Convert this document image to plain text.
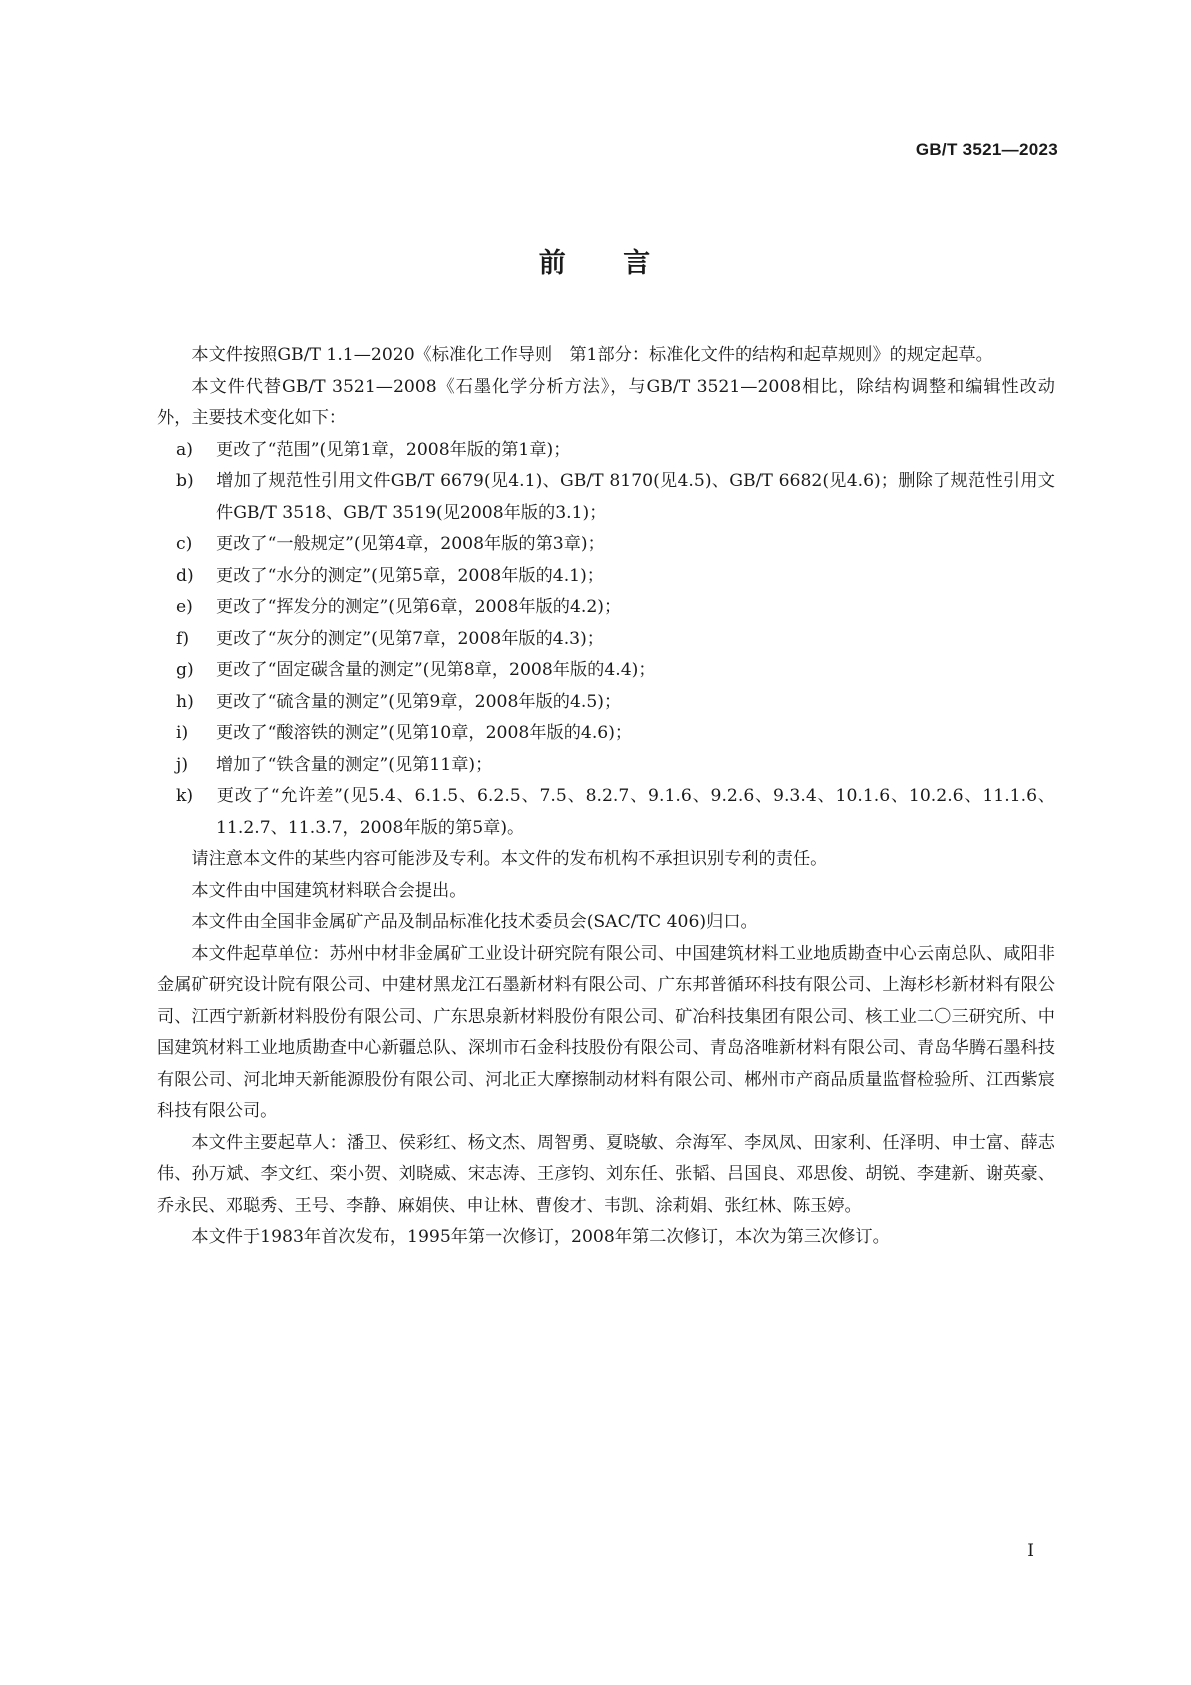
GB/T 3521—2023
前 言

本文件按照GB/T 1.1—2020《标准化工作导则　第1部分：标准化文件的结构和起草规则》的规定起草。

本文件代替GB/T 3521—2008《石墨化学分析方法》，与GB/T 3521—2008相比，除结构调整和编辑性改动外，主要技术变化如下：

a) 更改了“范围”(见第1章，2008年版的第1章)；
b) 增加了规范性引用文件GB/T 6679(见4.1)、GB/T 8170(见4.5)、GB/T 6682(见4.6)；删除了规范性引用文件GB/T 3518、GB/T 3519(见2008年版的3.1)；
c) 更改了“一般规定”(见第4章，2008年版的第3章)；
d) 更改了“水分的测定”(见第5章，2008年版的4.1)；
e) 更改了“挥发分的测定”(见第6章，2008年版的4.2)；
f) 更改了“灰分的测定”(见第7章，2008年版的4.3)；
g) 更改了“固定碳含量的测定”(见第8章，2008年版的4.4)；
h) 更改了“硫含量的测定”(见第9章，2008年版的4.5)；
i) 更改了“酸溶铁的测定”(见第10章，2008年版的4.6)；
j) 增加了“铁含量的测定”(见第11章)；
k) 更改了“允许差”(见5.4、6.1.5、6.2.5、7.5、8.2.7、9.1.6、9.2.6、9.3.4、10.1.6、10.2.6、11.1.6、11.2.7、11.3.7，2008年版的第5章)。

请注意本文件的某些内容可能涉及专利。本文件的发布机构不承担识别专利的责任。

本文件由中国建筑材料联合会提出。

本文件由全国非金属矿产品及制品标准化技术委员会(SAC/TC 406)归口。

本文件起草单位：苏州中材非金属矿工业设计研究院有限公司、中国建筑材料工业地质勘查中心云南总队、咸阳非金属矿研究设计院有限公司、中建材黑龙江石墨新材料有限公司、广东邦普循环科技有限公司、上海杉杉新材料有限公司、江西宁新新材料股份有限公司、广东思泉新材料股份有限公司、矿冶科技集团有限公司、核工业二〇三研究所、中国建筑材料工业地质勘查中心新疆总队、深圳市石金科技股份有限公司、青岛洛唯新材料有限公司、青岛华腾石墨科技有限公司、河北坤天新能源股份有限公司、河北正大摩擦制动材料有限公司、郴州市产商品质量监督检验所、江西紫宸科技有限公司。

本文件主要起草人：潘卫、侯彩红、杨文杰、周智勇、夏晓敏、佘海军、李凤凤、田家利、任泽明、申士富、薛志伟、孙万斌、李文红、栾小贺、刘晓威、宋志涛、王彦钧、刘东任、张韬、吕国良、邓思俊、胡锐、李建新、谢英豪、乔永民、邓聪秀、王号、李静、麻娟侠、申让林、曹俊才、韦凯、涂莉娟、张红林、陈玉婷。

本文件于1983年首次发布，1995年第一次修订，2008年第二次修订，本次为第三次修订。

I
